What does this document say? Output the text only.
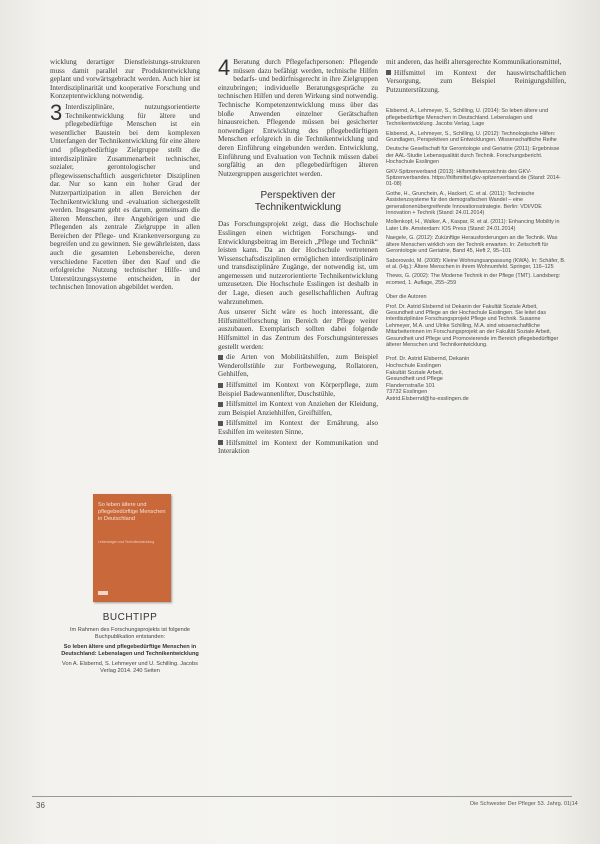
wicklung derartiger Dienstleistungs-strukturen muss damit parallel zur Produktentwicklung geplant und vorwärtsgebracht werden. Auch hier ist Interdisziplinarität und kooperative Forschung und Konzeptentwicklung notwendig.

3 Interdisziplinäre, nutzungsorientierte Technikentwicklung für ältere und pflegebedürftige Menschen ist ein wesentlicher Baustein bei dem komplexen Unterfangen der Technikentwicklung für eine ältere und pflegebedürftige Zielgruppe stellt die interdisziplinäre Zusammenarbeit technischer, sozialer, gerontologischer und pflegewissenschaftlich ausgerichteter Disziplinen dar. Nur so kann ein hoher Grad der Nutzerpartizipation in allen Bereichen der Technikentwicklung und -evaluation sichergestellt werden. Insgesamt geht es darum, gemeinsam die älteren Menschen, ihre Angehörigen und die Pflegenden als zentrale Zielgruppe in allen Bereichen der Pflege- und Krankenversorgung zu begreifen und zu gewinnen. Sie gewährleisten, dass auch die gesamten Lebensbereiche, deren verschiedene Facetten über den Kauf und die erfolgreiche Nutzung technischer Hilfe- und Unterstützungssysteme entscheiden, in der technischen Innovation abgebildet werden.

So leben ältere und pflegebedürftige Menschen in Deutschland
Lebenslagen und Technikentwicklung
BUCHTIPP

Im Rahmen des Forschungsprojekts ist folgende Buchpublikation entstanden:

So leben ältere und pflegebedürftige Menschen in Deutschland: Lebenslagen und Technikentwicklung

Von A. Elsbernd, S. Lehmeyer und U. Schilling. Jacobs Verlag 2014. 240 Seiten

4 Beratung durch Pflegefachpersonen: Pflegende müssen dazu befähigt werden, technische Hilfen bedarfs- und bedürfnisgerecht in ihre Zielgruppen einzubringen; individuelle Beratungsgespräche zu technischen Hilfen und deren Wirkung sind notwendig. Technische Kompetenzentwicklung muss über das bloße Anwenden einzelner Gerätschaften hinausreichen. Pflegende müssen bei gesicherter notwendiger Entwicklung des pflegebedürftigen Menschen erfolgreich in die Technikentwicklung und deren Einführung eingebunden werden. Entwicklung, Einführung und Evaluation von Technik müssen dabei sorgfältig an den pflegebedürftigen älteren Nutzergruppen ausgerichtet werden.

Perspektiven der Technikentwicklung

Das Forschungsprojekt zeigt, dass die Hochschule Esslingen einen wichtigen Forschungs- und Entwicklungsbeitrag im Bereich „Pflege und Technik“ leisten kann. Da an der Hochschule vertretenen Wissenschaftsdisziplinen ermöglichen interdisziplinäre und transdisziplinäre Zugänge, der notwendig ist, um angemessen und nutzerorientierte Technikentwicklung umzusetzen. Die Hochschule Esslingen ist deshalb in der Lage, diesen auch gesellschaftlichen Auftrag wahrzunehmen.

Aus unserer Sicht wäre es hoch interessant, die Hilfsmittelforschung im Bereich der Pflege weiter auszubauen. Exemplarisch sollten dabei folgende Hilfsmittel in das Zentrum des Forschungsinteresses gestellt werden:

die Arten von Mobilitätshilfen, zum Beispiel Wenderollstühle zur Fortbewegung, Rollatoren, Gehhilfen,
Hilfsmittel im Kontext von Körperpflege, zum Beispiel Badewannenlifter, Duschstühle,
Hilfsmittel im Kontext von Anziehen der Kleidung, zum Beispiel Anziehhilfen, Greifhilfen,
Hilfsmittel im Kontext der Ernährung, also Esshilfen im weitesten Sinne,
Hilfsmittel im Kontext der Kommunikation und Interaktion

mit anderen, das heißt altersgerechte Kommunikationsmittel,

Hilfsmittel im Kontext der hauswirtschaftlichen Versorgung, zum Beispiel Reinigungshilfen, Putzunterstützung.

Elsbernd, A., Lehmeyer, S., Schilling, U. (2014): So leben ältere und pflegebedürftige Menschen in Deutschland. Lebenslagen und Technikentwicklung. Jacobs Verlag, Lage

Elsbernd, A., Lehmeyer, S., Schilling, U. (2012): Technologische Hilfen: Grundlagen, Perspektiven und Entwicklungen. Wissenschaftliche Reihe

Deutsche Gesellschaft für Gerontologie und Geriatrie (2011): Ergebnisse der AAL-Studie Lebensqualität durch Technik. Forschungsbericht. Hochschule Esslingen

GKV-Spitzenverband (2013): Hilfsmittelverzeichnis des GKV-Spitzenverbandes. https://hilfsmittel.gkv-spitzenverband.de (Stand: 2014-01-08)

Gothe, H., Grunchein, A., Hackert, C. et al. (2011): Technische Assistenzsysteme für den demografischen Wandel – eine generationenübergreifende Innovationsstrategie. Berlin: VDI/VDE Innovation + Technik (Stand: 24.01.2014)

Mollenkopf, H., Walker, A., Kaspar, R. et al. (2011): Enhancing Mobility in Later Life. Amsterdam: IOS Press (Stand: 24.01.2014)

Naegele, G. (2012): Zukünftige Herausforderungen an die Technik. Was ältere Menschen wirklich von der Technik erwarten. In: Zeitschrift für Gerontologie und Geriatrie, Band 45, Heft 2, 95–101

Saborowski, M. (2008): Kleine Wohnungsanpassung (KWA). In: Schäfer, B. et al. (Hg.): Ältere Menschen in ihrem Wohnumfeld. Springer, 116–125

Thews, G. (2002): The Moderne Technik in der Pflege (TMT). Landsberg: ecomed, 1. Auflage, 255–259

Über die Autoren

Prof. Dr. Astrid Elsbernd ist Dekanin der Fakultät Soziale Arbeit, Gesundheit und Pflege an der Hochschule Esslingen. Sie leitet das interdisziplinäre Forschungsprojekt Pflege und Technik. Susanne Lehmeyer, M.A. und Ulrike Schilling, M.A. sind wissenschaftliche Mitarbeiterinnen im Forschungsprojekt an der Fakultät Soziale Arbeit, Gesundheit und Pflege und Promovierende im Bereich pflegebedürftiger älterer Menschen und Technikentwicklung.

Prof. Dr. Astrid Elsbernd, Dekanin
Hochschule Esslingen
Fakultät Soziale Arbeit,
Gesundheit und Pflege
Flandernstraße 101
73732 Esslingen
Astrid.Elsbernd@hs-esslingen.de
36	Die Schwester Der Pfleger 53. Jahrg. 01|14
